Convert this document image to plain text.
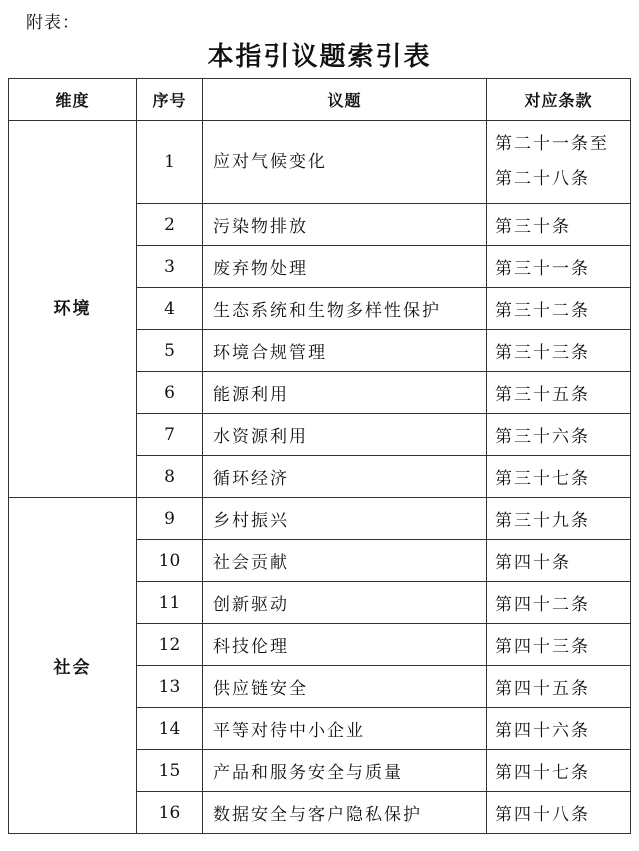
附表：
本指引议题索引表
维度	序号	议题	对应条款
环境	1	应对气候变化	第二十一条至
第二十八条

	2	污染物排放	第三十条

	3	废弃物处理	第三十一条

	4	生态系统和生物多样性保护	第三十二条

	5	环境合规管理	第三十三条

	6	能源利用	第三十五条

	7	水资源利用	第三十六条

	8	循环经济	第三十七条

社会	9	乡村振兴	第三十九条

	10	社会贡献	第四十条

	11	创新驱动	第四十二条

	12	科技伦理	第四十三条

	13	供应链安全	第四十五条

	14	平等对待中小企业	第四十六条

	15	产品和服务安全与质量	第四十七条

	16	数据安全与客户隐私保护	第四十八条
